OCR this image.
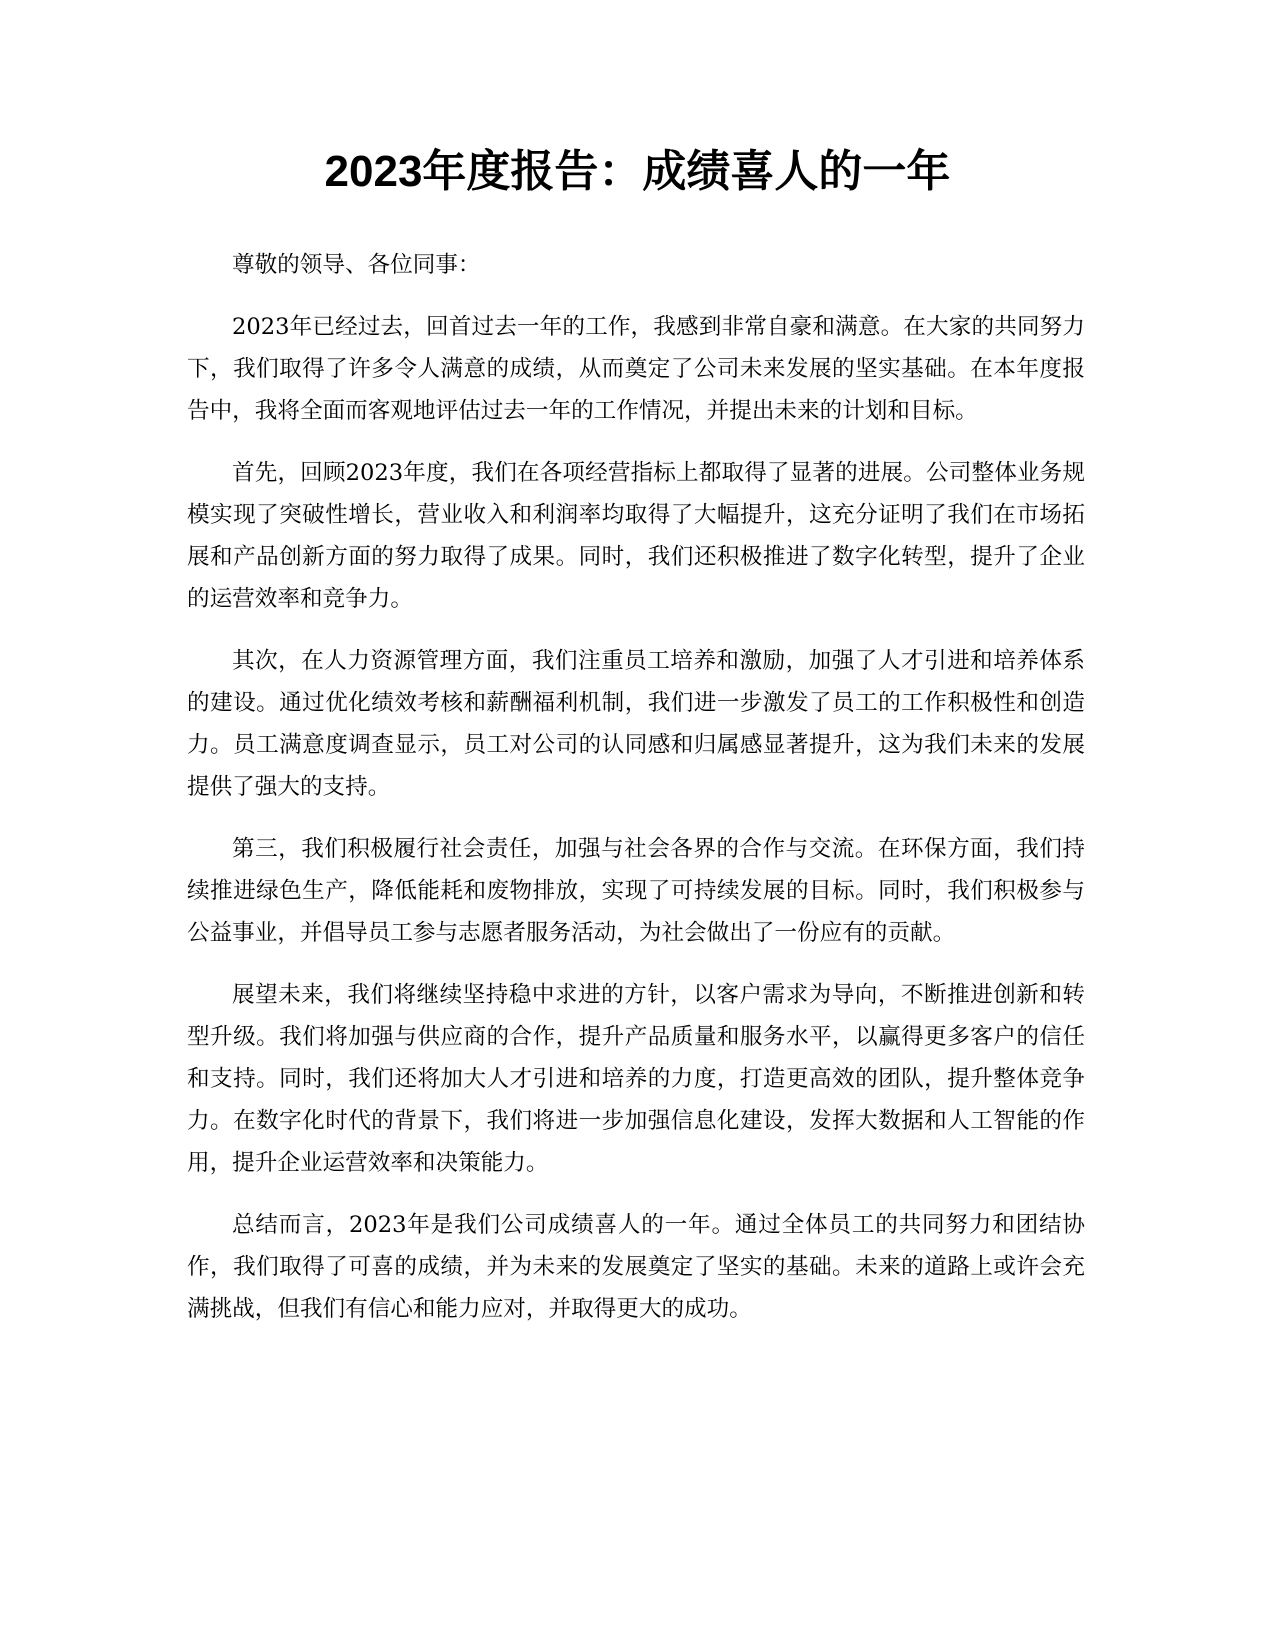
2023年度报告：成绩喜人的一年

尊敬的领导、各位同事：

2023年已经过去，回首过去一年的工作，我感到非常自豪和满意。在大家的共同努力下，我们取得了许多令人满意的成绩，从而奠定了公司未来发展的坚实基础。在本年度报告中，我将全面而客观地评估过去一年的工作情况，并提出未来的计划和目标。

首先，回顾2023年度，我们在各项经营指标上都取得了显著的进展。公司整体业务规模实现了突破性增长，营业收入和利润率均取得了大幅提升，这充分证明了我们在市场拓展和产品创新方面的努力取得了成果。同时，我们还积极推进了数字化转型，提升了企业的运营效率和竞争力。

其次，在人力资源管理方面，我们注重员工培养和激励，加强了人才引进和培养体系的建设。通过优化绩效考核和薪酬福利机制，我们进一步激发了员工的工作积极性和创造力。员工满意度调查显示，员工对公司的认同感和归属感显著提升，这为我们未来的发展提供了强大的支持。

第三，我们积极履行社会责任，加强与社会各界的合作与交流。在环保方面，我们持续推进绿色生产，降低能耗和废物排放，实现了可持续发展的目标。同时，我们积极参与公益事业，并倡导员工参与志愿者服务活动，为社会做出了一份应有的贡献。

展望未来，我们将继续坚持稳中求进的方针，以客户需求为导向，不断推进创新和转型升级。我们将加强与供应商的合作，提升产品质量和服务水平，以赢得更多客户的信任和支持。同时，我们还将加大人才引进和培养的力度，打造更高效的团队，提升整体竞争力。在数字化时代的背景下，我们将进一步加强信息化建设，发挥大数据和人工智能的作用，提升企业运营效率和决策能力。

总结而言，2023年是我们公司成绩喜人的一年。通过全体员工的共同努力和团结协作，我们取得了可喜的成绩，并为未来的发展奠定了坚实的基础。未来的道路上或许会充满挑战，但我们有信心和能力应对，并取得更大的成功。
